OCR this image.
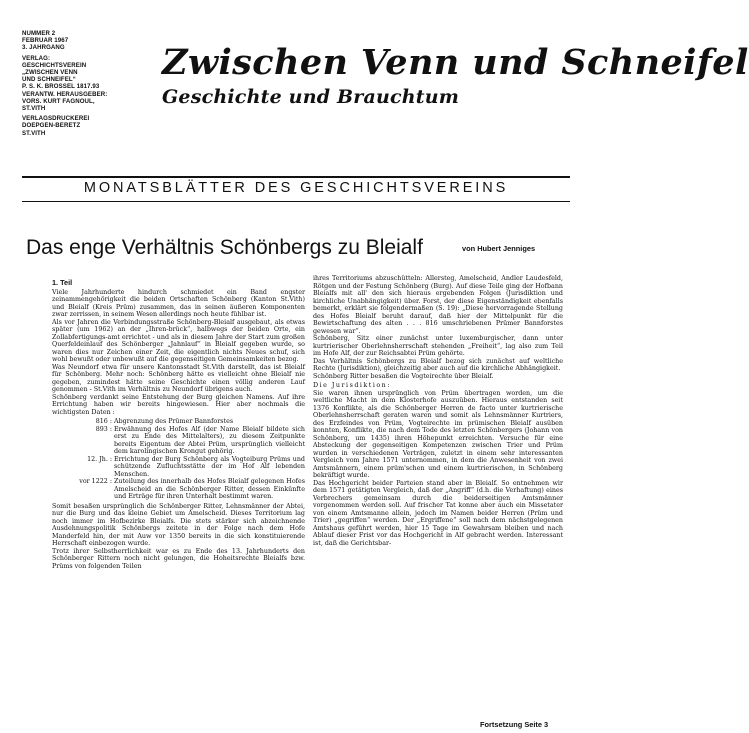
NUMMER 2
FEBRUAR 1967
3. JAHRGANG
VERLAG:
GESCHICHTSVEREIN
„ZWISCHEN VENN
UND SCHNEIFEL“
P. S. K. BROSSEL 1817.93
VERANTW. HERAUSGEBER:
VORS. KURT FAGNOUL,
ST.VITH
VERLAGSDRUCKEREI
DOEPGEN-BERETZ
ST.VITH
Zwischen Venn und Schneifel
Geschichte und Brauchtum
MONATSBLÄTTER DES GESCHICHTSVEREINS
Das enge Verhältnis Schönbergs zu Bleialf	von Hubert Jenniges

1. Teil

Viele Jahrhunderte hindurch schmiedet ein Band engster zeinammengehörigkeit die beiden Ortschaften Schönberg (Kanton St.Vith) und Bleialf (Kreis Prüm) zusammen, das in seinen äußeren Komponenten zwar zerrissen, in seinem Wesen allerdings noch heute fühlbar ist.

Als vor Jahren die Verbindungsstraße Schönberg-Bleialf ausgebaut, als etwas später (um 1962) an der „Ihren-brück“, halbwegs der beiden Orte, ein Zollabfertigungs-amt errichtet - und als in diesem Jahre der Start zum großen Querfeldeinlauf des Schönberger „Jahnlauf“ in Bleialf gegeben wurde, so waren dies nur Zeichen einer Zeit, die eigentlich nichts Neues schuf, sich wohl bewußt oder unbewußt auf die gegenseitigen Gemeinsamkeiten bezog.

Was Neundorf etwa für unsere Kantonsstadt St.Vith darstellt, das ist Bleialf für Schönberg. Mehr noch: Schönberg hätte es vielleicht ohne Bleialf nie gegeben, zumindest hätte seine Geschichte einen völlig anderen Lauf genommen - St.Vith im Verhältnis zu Neundorf übrigens auch.

Schönberg verdankt seine Entstehung der Burg gleichen Namens. Auf ihre Errichtung haben wir bereits hingewiesen. Hier aber nochmals die wichtigsten Daten :

816 : Abgrenzung des Prümer Bannforstes
893 : Erwähnung des Hofes Alf (der Name Bleialf bildete sich erst zu Ende des Mittelalters), zu diesem Zeitpunkte bereits Eigentum der Abtei Prüm, ursprünglich vielleicht dem karolingischen Krongut gehörig.
12. Jh. : Errichtung der Burg Schönberg als Vogteiburg Prüms und schützende Zufluchtsstätte der im Hof Alf lebenden Menschen.
vor 1222 : Zuteilung des innerhalb des Hofes Bleialf gelegenen Hofes Amelscheid an die Schönberger Ritter, dessen Einkünfte und Erträge für ihren Unterhalt bestimmt waren.

Somit besaßen ursprünglich die Schönberger Ritter, Lehnsmänner der Abtei, nur die Burg und das kleine Gebiet um Amelscheid. Dieses Territorium lag noch immer im Hofbezirke Bleialfs. Die stets stärker sich abzeichnende Ausdehnungspolitik Schönbergs zeitete in der Folge nach dem Hofe Manderfeld hin, der mit Auw vor 1350 bereits in die sich konstituierende Herrschaft einbezogen wurde.

Trotz ihrer Selbstherrlichkeit war es zu Ende des 13. Jahrhunderts den Schönberger Rittern noch nicht gelungen, die Hoheitsrechte Bleialfs bzw. Prüms von folgenden Teilen

ihres Territoriums abzuschütteln: Allersteg, Amelscheid, Andler Laudesfeld, Rötgen und der Festung Schönberg (Burg). Auf diese Teile ging der Hofbann Bleialfs mit all' den sich hieraus ergebenden Folgen (Jurisdiktion und kirchliche Unabhängigkeit) über. Forst, der diese Eigenständigkeit ebenfalls bemerkt, erklärt sie folgendermaßen (S. 19): „Diese hervorragende Stellung des Hofes Bleialf beruht darauf, daß hier der Mittelpunkt für die Bewirtschaftung des alten . . . 816 umschriebenen Prümer Bannforstes gewesen war“.

Schönberg, Sitz einer zunächst unter luxemburgischer, dann unter kurtrierischer Oberlehnsherrschaft stehenden „Freiheit“, lag also zum Teil im Hofe Alf, der zur Reichsabtei Prüm gehörte.

Das Verhältnis Schönbergs zu Bleialf bezog sich zunächst auf weltliche Rechte (Jurisdiktion), gleichzeitig aber auch auf die kirchliche Abhängigkeit.

Schönberg Ritter besaßen die Vogteirechte über Bleialf.

Die Jurisdiktion:

Sie waren ihnen ursprünglich von Prüm übertragen worden, um die weltliche Macht in dem Klosterhofe auszuüben. Hieraus entstanden seit 1376 Konflikte, als die Schönberger Herren de facto unter kurtrierische Oberlehnsherrschaft geraten waren und somit als Lehnsmänner Kurtriers, des Erzfeindes von Prüm, Vogteirechte im prümischen Bleialf ausüben konnten, Konflikte, die nach dem Tode des letzten Schönbergers (Johann von Schönberg, um 1435) ihren Höhepunkt erreichten. Versuche für eine Absteckung der gegenseitigen Kompetenzen zwischen Trier und Prüm wurden in verschiedenen Verträgen, zuletzt in einem sehr interessanten Vergleich vom Jahre 1571 unternommen, in dem die Anwesenheit von zwei Amtsmännern, einem prüm'schen und einem kurtrierischen, in Schönberg bekräftigt wurde.

Das Hochgericht beider Parteien stand aber in Bleialf. So entnehmen wir dem 1571 getätigten Vergleich, daß der „Angriff“ (d.h. die Verhaftung) eines Verbrechers gemeinsam durch die beiderseitigen Amtsmänner vorgenommen werden soll. Auf frischer Tat konne aber auch ein Missetater von einem Amtsmanne allein, jedoch im Namen beider Herren (Prüm und Trier) „gegriffen“ werden. Der „Ergriffene“ soll nach dem nächstgelegenen Amtshaus geführt werden, hier 15 Tage im Gewahrsam bleiben und nach Ablauf dieser Frist vor das Hochgericht in Alf gebracht werden. Interessant ist, daß die Gerichtsbar-

Fortsetzung Seite 3
